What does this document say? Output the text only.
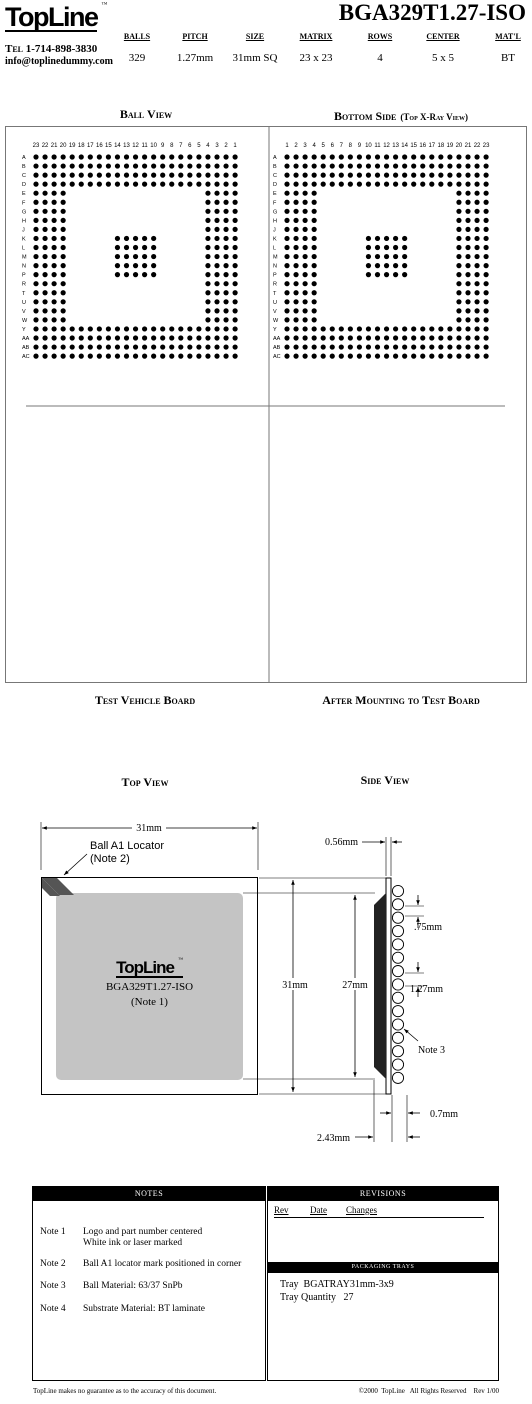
TopLine ™	BGA329T1.27-ISO
Tel 1-714-898-3830
info@topline​dummy.com
BALLS
329
PITCH
1.27mm
SIZE
31mm SQ
MATRIX
23 x 23
ROWS
4
CENTER
5 x 5
MAT'L
BT
Ball View	Bottom Side (Top X-Ray View)
23 22 21 20 19 18 17 16 15 14 13 12 11 10 9 8 7 6 5 4 3 2 1
A
B
C
D
E
F
G
H
J
K
L
M
N
P
R
T
U
V
W
Y
AA
AB
AC
1 2 3 4 5 6 7 8 9 10 11 12 13 14 15 16 17 18 19 20 21 22 23
A
B
C
D
E
F
G
H
J
K
L
M
N
P
R
T
U
V
W
Y
AA
AB
AC
Test Vehicle Board	After Mounting to Test Board
Top View	Side View
31mm
Ball A1 Locator
(Note 2)
31mm	27mm
0.56mm
.75mm
1.27mm
Note 3
0.7mm
2.43mm
TopLine ™
BGA329T1.27-ISO
(Note 1)
NOTES
Note 1 Logo and part number centered
White ink or laser marked
Note 2 Ball A1 locator mark positioned in corner
Note 3 Ball Material: 63/37 SnPb
Note 4 Substrate Material: BT laminate
REVISIONS
Rev Date Changes
PACKAGING TRAYS
Tray  BGATRAY31mm-3x9
Tray Quantity   27
TopLine makes no guarantee as to the accuracy of this document.	©2000  TopLine   All Rights Reserved    Rev 1/00
